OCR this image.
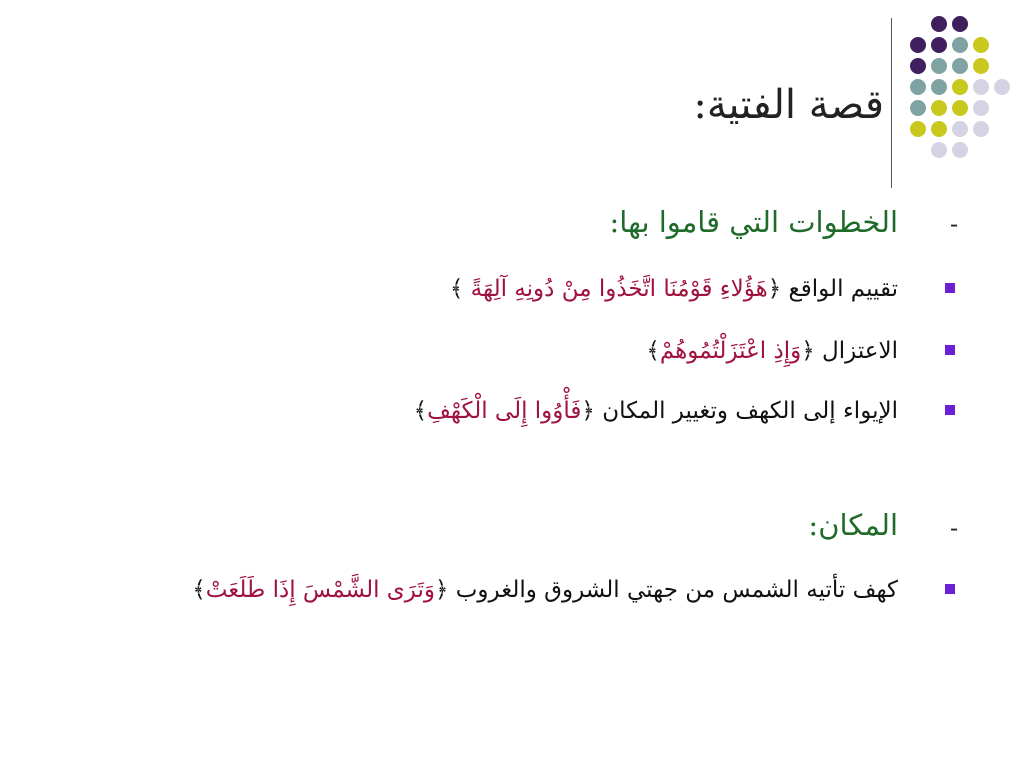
قصة الفتية:
-
الخطوات التي قاموا بها:
تقييم الواقع ﴿هَؤُلاءِ قَوْمُنَا اتَّخَذُوا مِنْ دُونِهِ آلِهَةً ﴾
الاعتزال ﴿وَإِذِ اعْتَزَلْتُمُوهُمْ﴾
الإيواء إلى الكهف وتغيير المكان ﴿فَأْوُوا إِلَى الْكَهْفِ﴾
-
المكان:
كهف تأتيه الشمس من جهتي الشروق والغروب ﴿وَتَرَى الشَّمْسَ إِذَا طَلَعَتْ﴾
